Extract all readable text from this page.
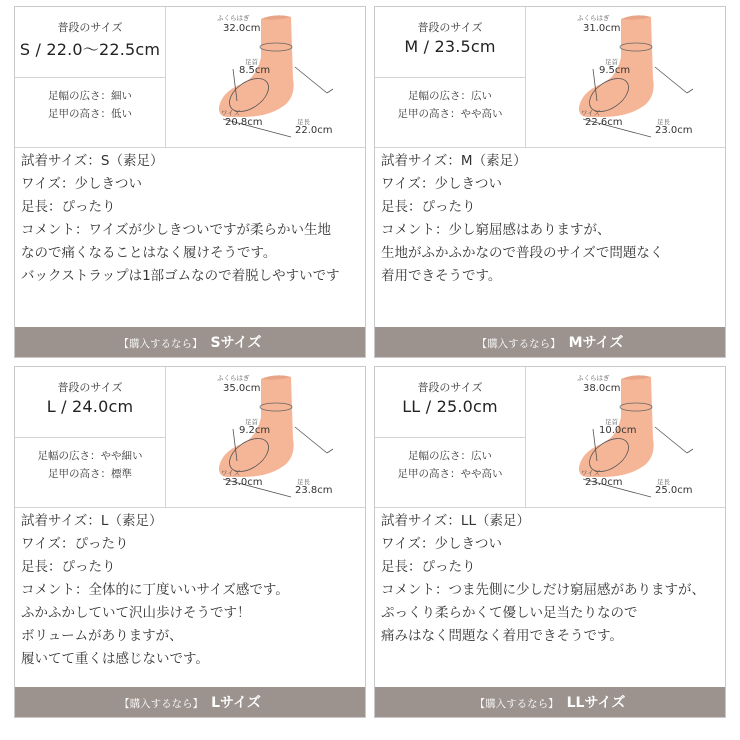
普段のサイズ
S / 22.0〜22.5cm
足幅の広さ：細い
足甲の高さ：低い
ふくらはぎ
32.0cm
足首
8.5cm
ワイズ
20.8cm	足長
22.0cm
試着サイズ：S（素足）
ワイズ：少しきつい
足長：ぴったり
コメント：ワイズが少しきついですが柔らかい生地
なので痛くなることはなく履けそうです。
バックストラップは1部ゴムなので着脱しやすいです
【購入するなら】 Sサイズ
普段のサイズ
M / 23.5cm
足幅の広さ：広い
足甲の高さ：やや高い
ふくらはぎ
31.0cm
足首
9.5cm
ワイズ
22.6cm	足長
23.0cm
試着サイズ：M（素足）
ワイズ：少しきつい
足長：ぴったり
コメント：少し窮屈感はありますが、
生地がふかふかなので普段のサイズで問題なく
着用できそうです。
【購入するなら】 Mサイズ
普段のサイズ
L / 24.0cm
足幅の広さ：やや細い
足甲の高さ：標準
ふくらはぎ
35.0cm
足首
9.2cm
ワイズ
23.0cm	足長
23.8cm
試着サイズ：L（素足）
ワイズ：ぴったり
足長：ぴったり
コメント：全体的に丁度いいサイズ感です。
ふかふかしていて沢山歩けそうです！
ボリュームがありますが、
履いてて重くは感じないです。
【購入するなら】 Lサイズ
普段のサイズ
LL / 25.0cm
足幅の広さ：広い
足甲の高さ：やや高い
ふくらはぎ
38.0cm
足首
10.0cm
ワイズ
23.0cm	足長
25.0cm
試着サイズ：LL（素足）
ワイズ：少しきつい
足長：ぴったり
コメント：つま先側に少しだけ窮屈感がありますが、
ぷっくり柔らかくて優しい足当たりなので
痛みはなく問題なく着用できそうです。
【購入するなら】 LLサイズ
